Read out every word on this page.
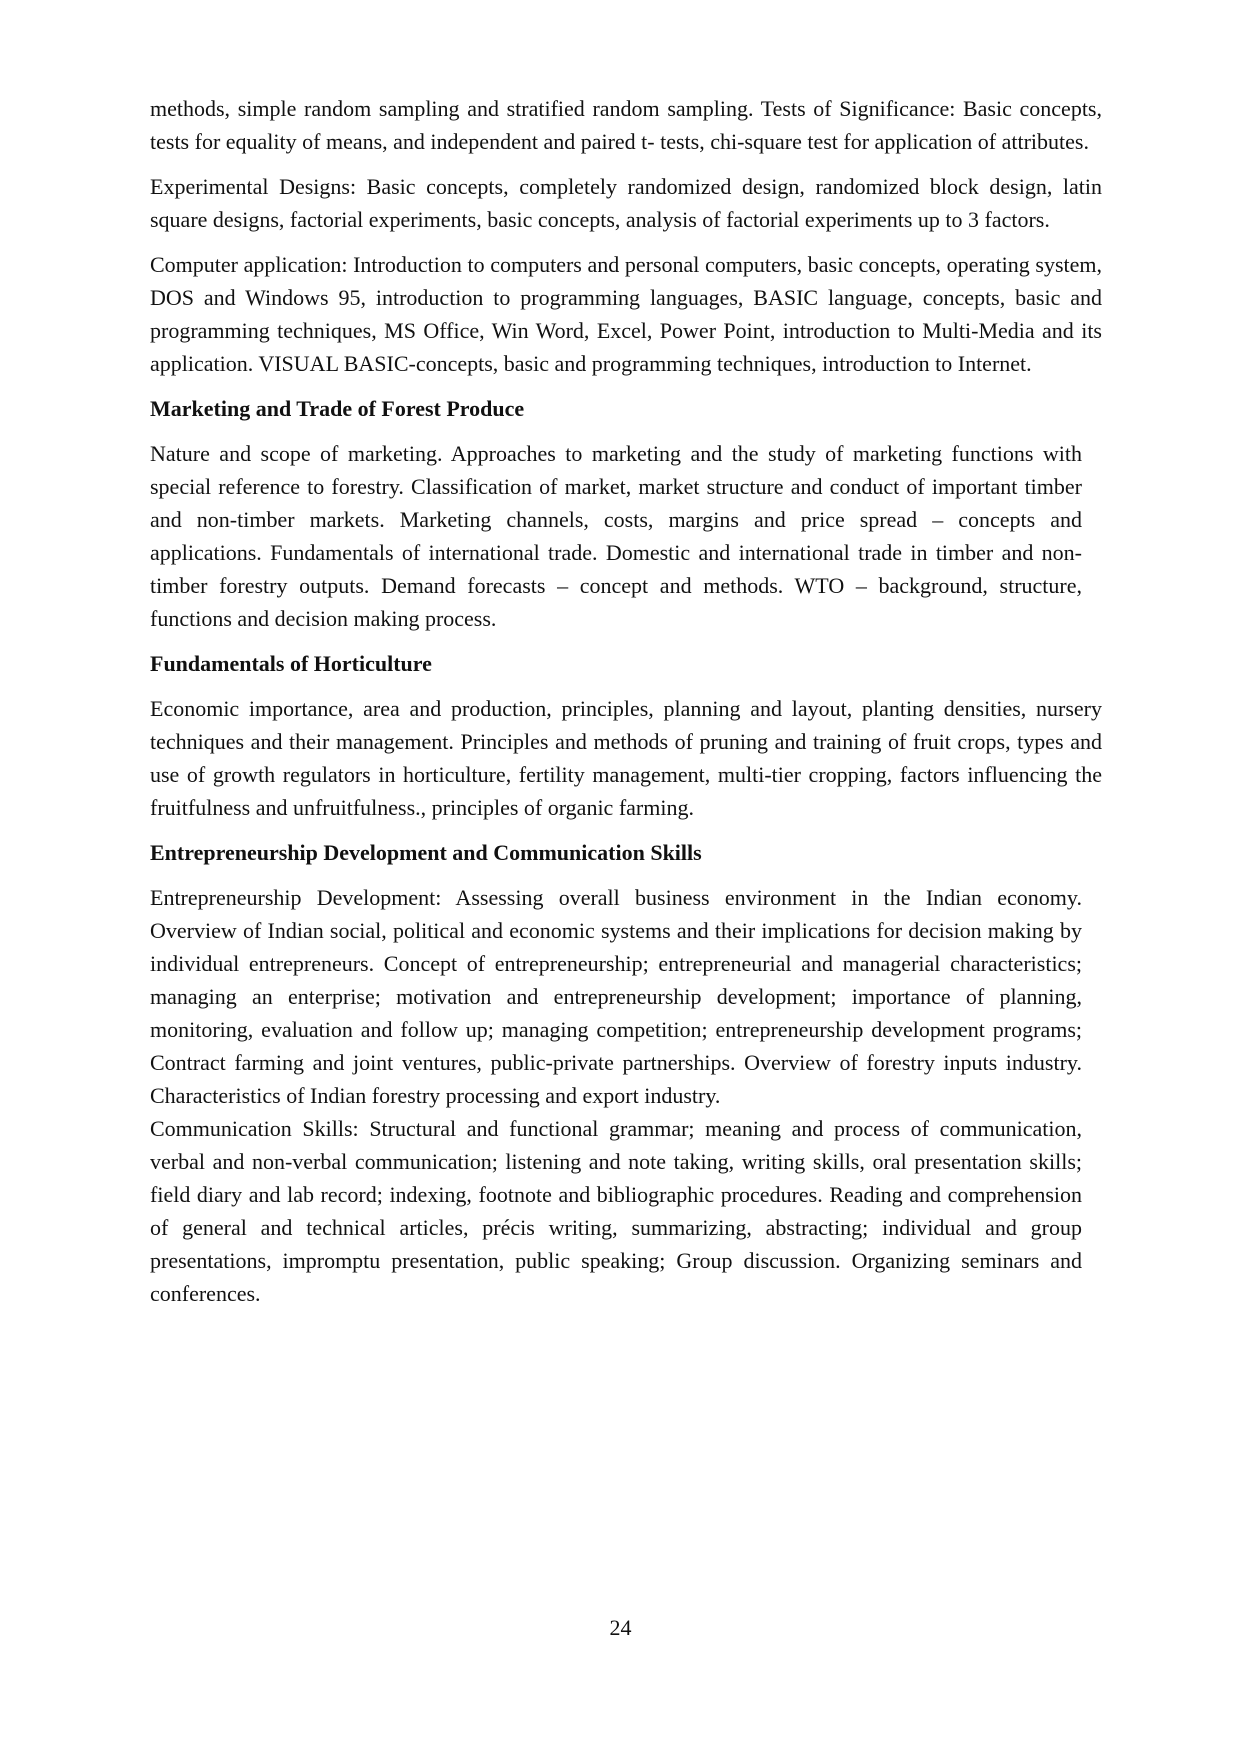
methods, simple random sampling and stratified random sampling. Tests of Significance: Basic concepts, tests for equality of means, and independent and paired t- tests, chi-square test for application of attributes.

Experimental Designs: Basic concepts, completely randomized design, randomized block design, latin square designs, factorial experiments, basic concepts, analysis of factorial experiments up to 3 factors.

Computer application: Introduction to computers and personal computers, basic concepts, operating system, DOS and Windows 95, introduction to programming languages, BASIC language, concepts, basic and programming techniques, MS Office, Win Word, Excel, Power Point, introduction to Multi-Media and its application. VISUAL BASIC-concepts, basic and programming techniques, introduction to Internet.

Marketing and Trade of Forest Produce

Nature and scope of marketing. Approaches to marketing and the study of marketing functions with special reference to forestry. Classification of market, market structure and conduct of important timber and non-timber markets. Marketing channels, costs, margins and price spread – concepts and applications. Fundamentals of international trade. Domestic and international trade in timber and non-timber forestry outputs. Demand forecasts – concept and methods. WTO – background, structure, functions and decision making process.

Fundamentals of Horticulture

Economic importance, area and production, principles, planning and layout, planting densities, nursery techniques and their management. Principles and methods of pruning and training of fruit crops, types and use of growth regulators in horticulture, fertility management, multi-tier cropping, factors influencing the fruitfulness and unfruitfulness., principles of organic farming.

Entrepreneurship Development and Communication Skills

Entrepreneurship Development: Assessing overall business environment in the Indian economy. Overview of Indian social, political and economic systems and their implications for decision making by individual entrepreneurs. Concept of entrepreneurship; entrepreneurial and managerial characteristics; managing an enterprise; motivation and entrepreneurship development; importance of planning, monitoring, evaluation and follow up; managing competition; entrepreneurship development programs; Contract farming and joint ventures, public-private partnerships. Overview of forestry inputs industry. Characteristics of Indian forestry processing and export industry.

Communication Skills: Structural and functional grammar; meaning and process of communication, verbal and non-verbal communication; listening and note taking, writing skills, oral presentation skills; field diary and lab record; indexing, footnote and bibliographic procedures. Reading and comprehension of general and technical articles, précis writing, summarizing, abstracting; individual and group presentations, impromptu presentation, public speaking; Group discussion. Organizing seminars and conferences.

24
